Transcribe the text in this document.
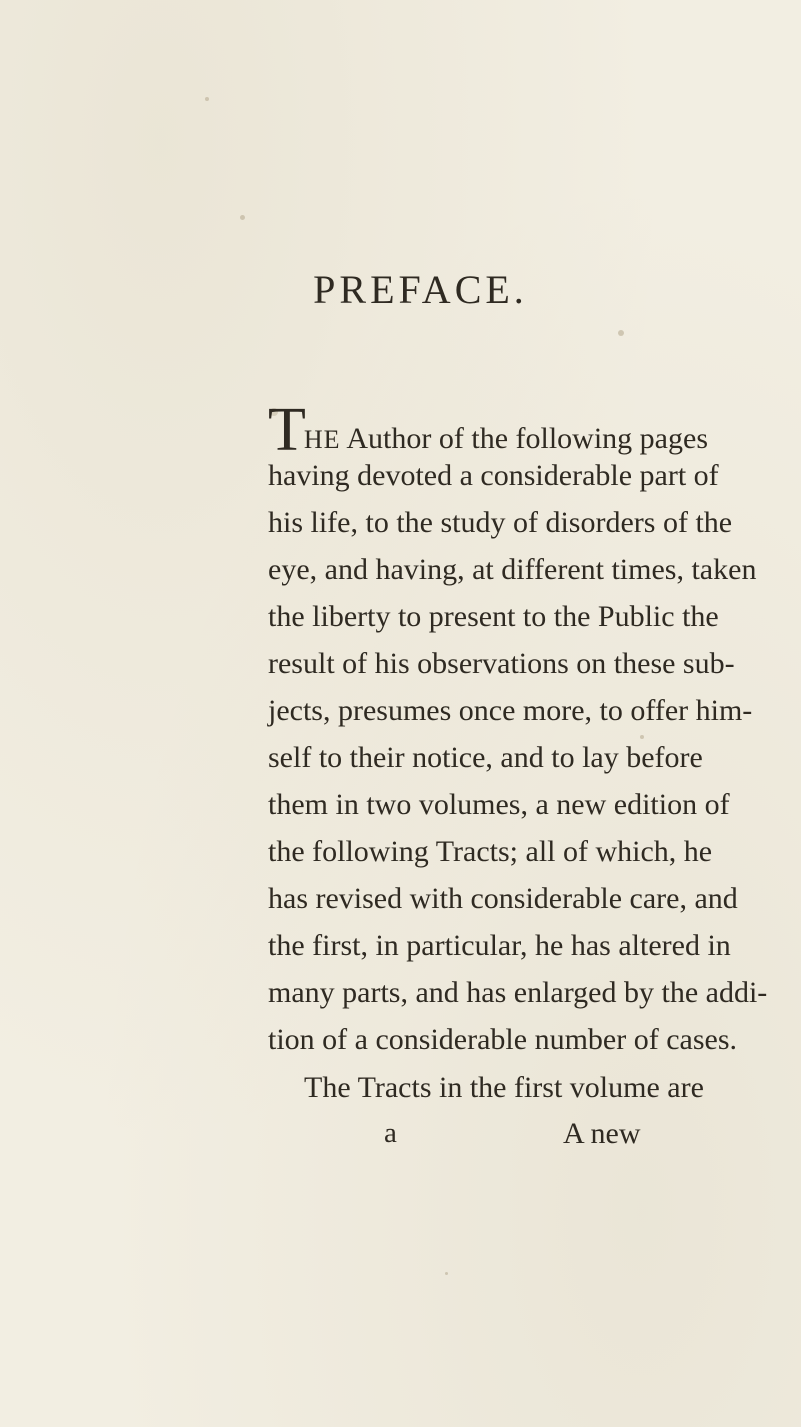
PREFACE.
THE Author of the following pages
having devoted a considerable part of
his life, to the study of disorders of the
eye, and having, at different times, taken
the liberty to present to the Public the
result of his observations on these sub-
jects, presumes once more, to offer him-
self to their notice, and to lay before
them in two volumes, a new edition of
the following Tracts; all of which, he
has revised with considerable care, and
the first, in particular, he has altered in
many parts, and has enlarged by the addi-
tion of a considerable number of cases.
The Tracts in the first volume are
a	A new
